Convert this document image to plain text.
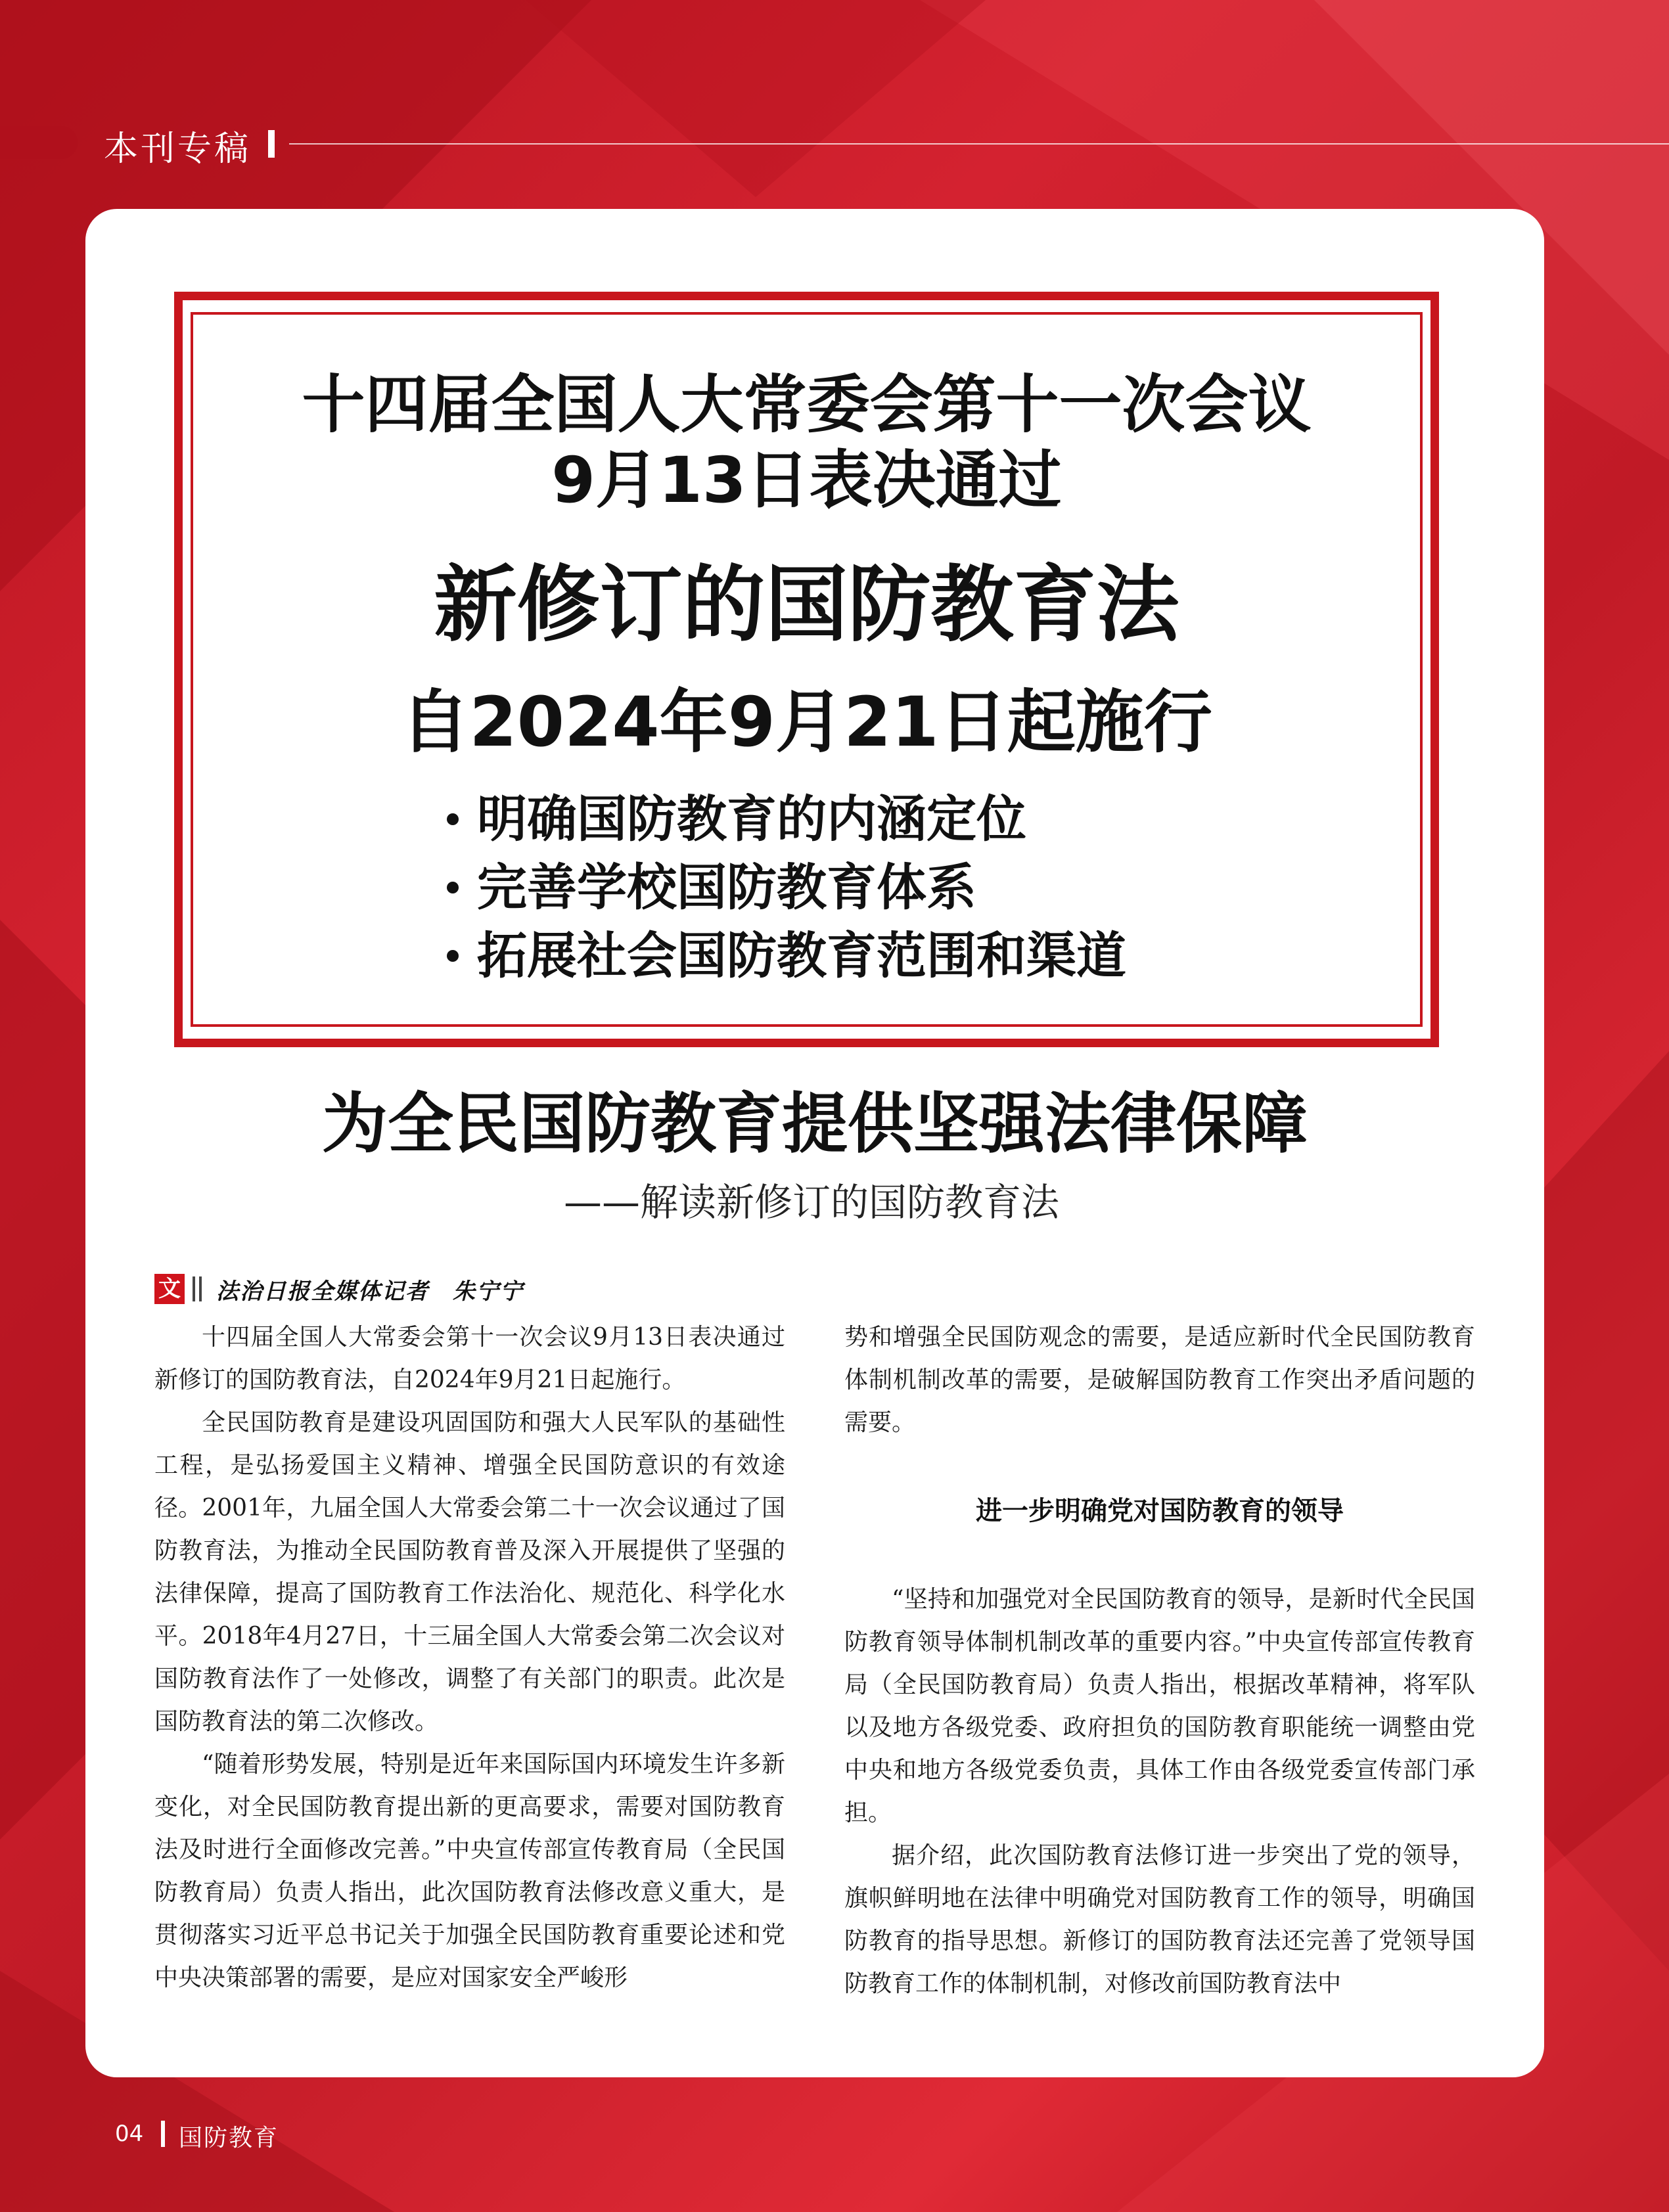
本刊专稿
十四届全国人大常委会第十一次会议
9月13日表决通过
新修订的国防教育法
自2024年9月21日起施行
明确国防教育的内涵定位
完善学校国防教育体系
拓展社会国防教育范围和渠道
为全民国防教育提供坚强法律保障
——解读新修订的国防教育法
文 法治日报全媒体记者　朱宁宁

十四届全国人大常委会第十一次会议9月13日表决通过新修订的国防教育法，自2024年9月21日起施行。

全民国防教育是建设巩固国防和强大人民军队的基础性工程，是弘扬爱国主义精神、增强全民国防意识的有效途径。2001年，九届全国人大常委会第二十一次会议通过了国防教育法，为推动全民国防教育普及深入开展提供了坚强的法律保障，提高了国防教育工作法治化、规范化、科学化水平。2018年4月27日，十三届全国人大常委会第二次会议对国防教育法作了一处修改，调整了有关部门的职责。此次是国防教育法的第二次修改。

“随着形势发展，特别是近年来国际国内环境发生许多新变化，对全民国防教育提出新的更高要求，需要对国防教育法及时进行全面修改完善。”中央宣传部宣传教育局（全民国防教育局）负责人指出，此次国防教育法修改意义重大，是贯彻落实习近平总书记关于加强全民国防教育重要论述和党中央决策部署的需要，是应对国家安全严峻形

势和增强全民国防观念的需要，是适应新时代全民国防教育体制机制改革的需要，是破解国防教育工作突出矛盾问题的需要。
进一步明确党对国防教育的领导

“坚持和加强党对全民国防教育的领导，是新时代全民国防教育领导体制机制改革的重要内容。”中央宣传部宣传教育局（全民国防教育局）负责人指出，根据改革精神，将军队以及地方各级党委、政府担负的国防教育职能统一调整由党中央和地方各级党委负责，具体工作由各级党委宣传部门承担。

据介绍，此次国防教育法修订进一步突出了党的领导，旗帜鲜明地在法律中明确党对国防教育工作的领导，明确国防教育的指导思想。新修订的国防教育法还完善了党领导国防教育工作的体制机制，对修改前国防教育法中

04 国防教育
